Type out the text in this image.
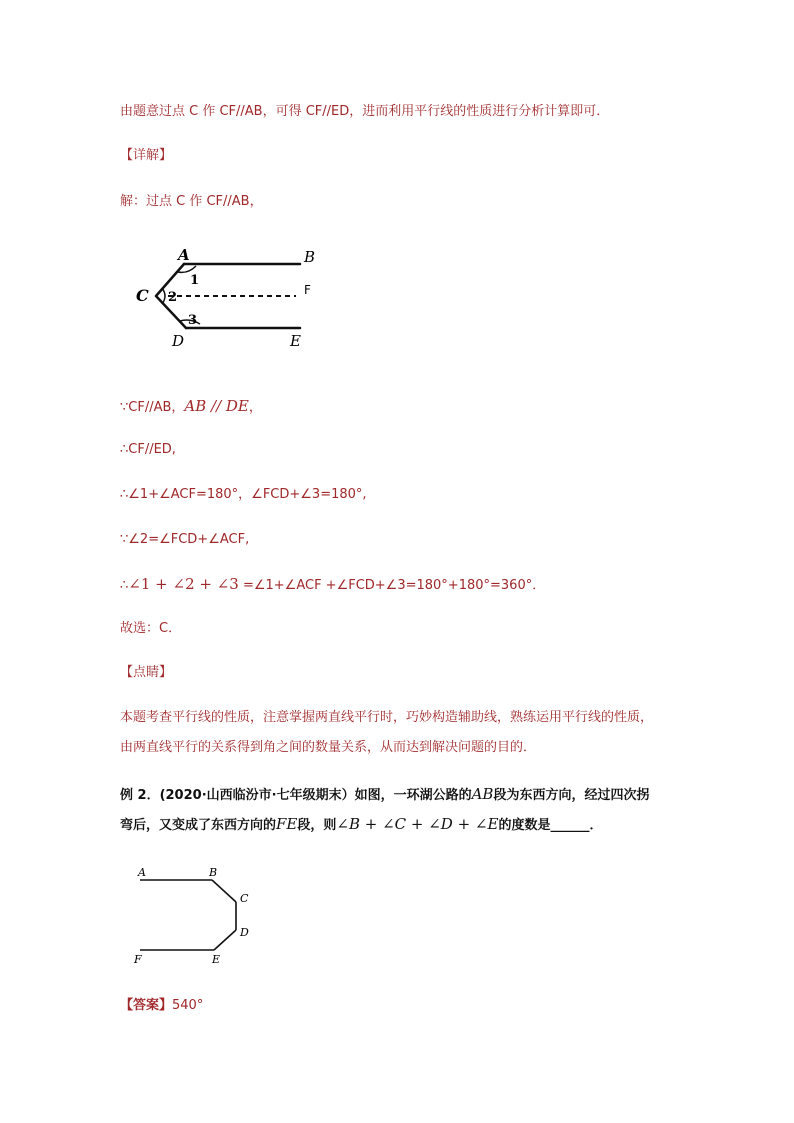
由题意过点 C 作 CF//AB，可得 CF//ED，进而利用平行线的性质进行分析计算即可．
【详解】
解：过点 C 作 CF//AB，
A	B
C
D	E
F
1
2
3
∵CF//AB，AB // DE，
∴CF//ED,
∴∠1+∠ACF=180°，∠FCD+∠3=180°,
∵∠2=∠FCD+∠ACF,
∴∠1 + ∠2 + ∠3 =∠1+∠ACF +∠FCD+∠3=180°+180°=360°．
故选：C．
【点睛】
本题考查平行线的性质，注意掌握两直线平行时，巧妙构造辅助线，熟练运用平行线的性质，
由两直线平行的关系得到角之间的数量关系，从而达到解决问题的目的．
例 2．(2020·山西临汾市·七年级期末）如图，一环湖公路的AB段为东西方向，经过四次拐
弯后，又变成了东西方向的FE段，则∠B + ∠C + ∠D + ∠E的度数是______．
A	B
C
D
E
F
【答案】540°
